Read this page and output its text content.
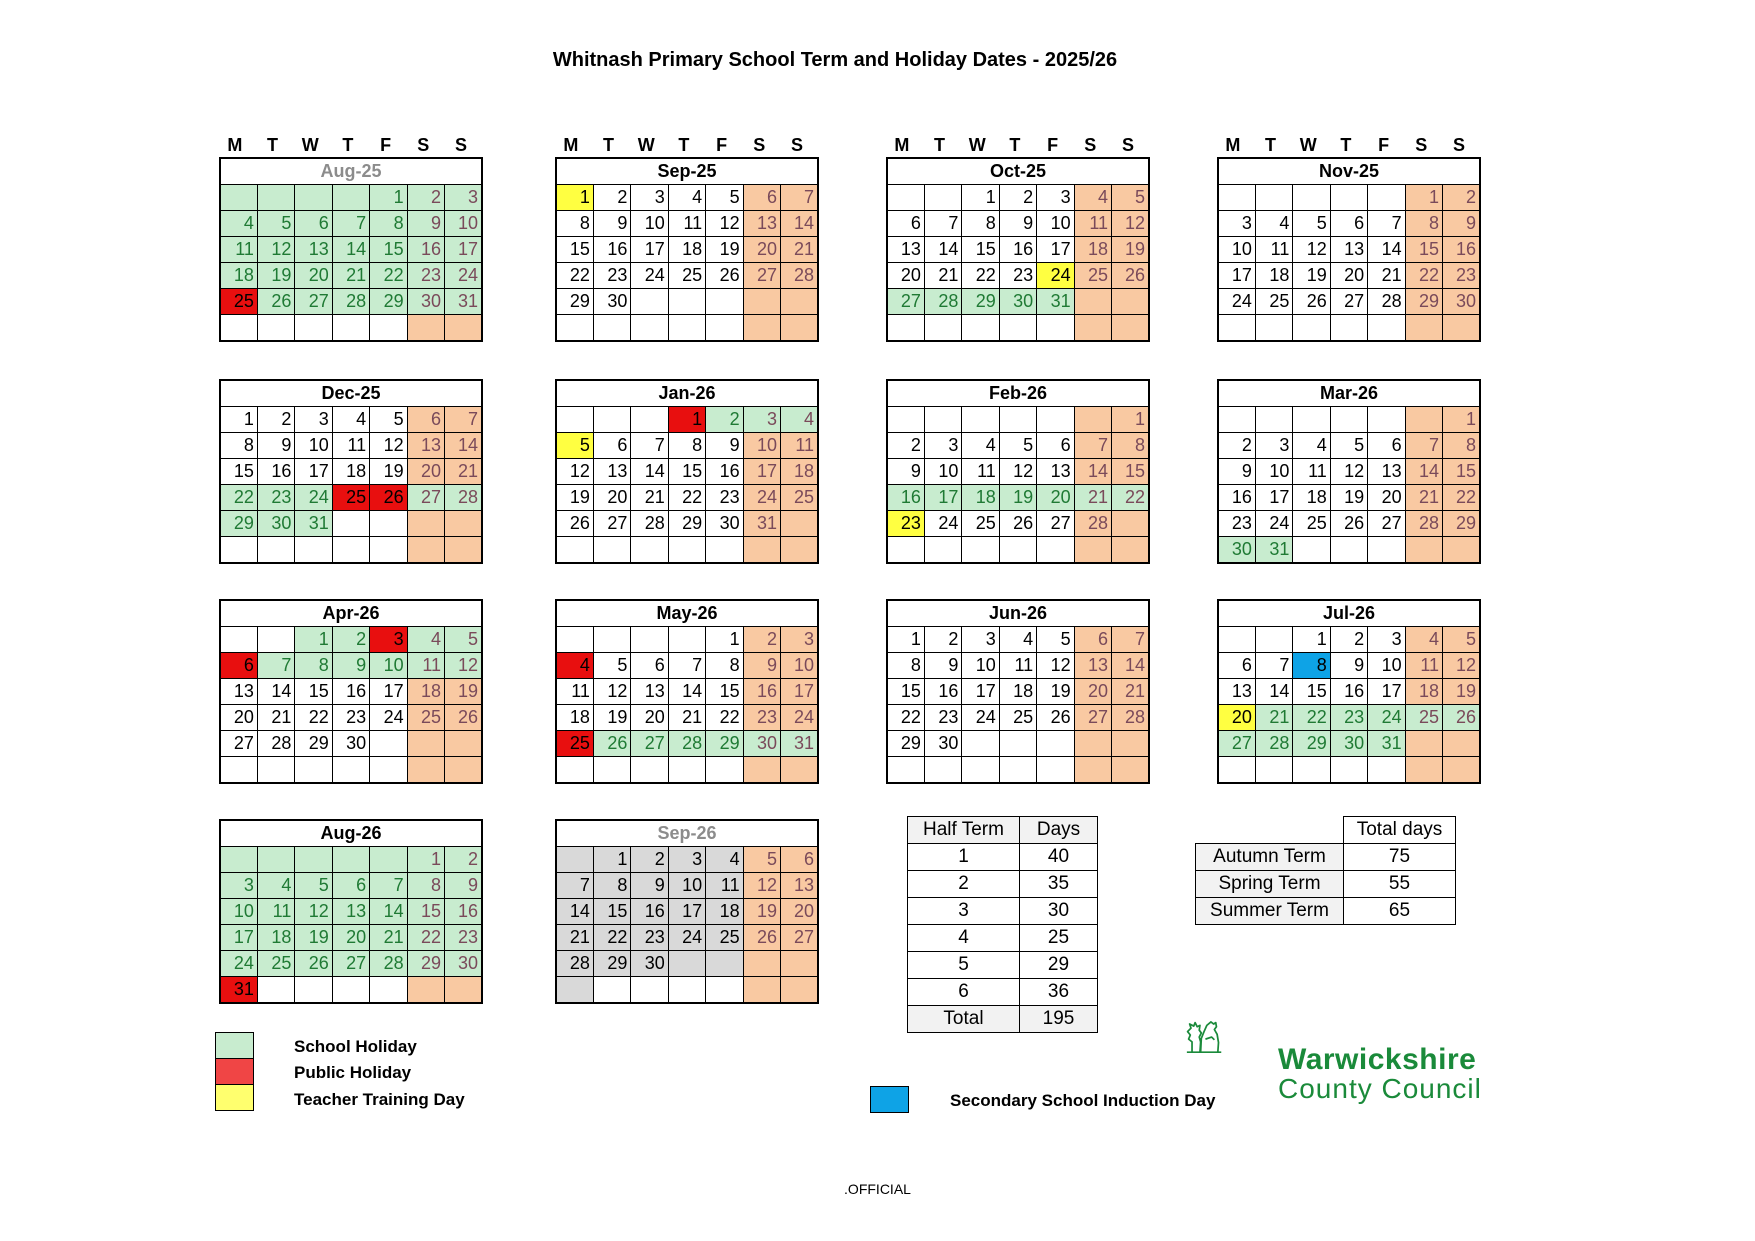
Whitnash Primary School Term and Holiday Dates - 2025/26
M	T	W	T	F	S	S
Aug-25						
				1	2	3
4	5	6	7	8	9	10
11	12	13	14	15	16	17
18	19	20	21	22	23	24
25	26	27	28	29	30	31

M	T	W	T	F	S	S
Sep-25						
1	2	3	4	5	6	7
8	9	10	11	12	13	14
15	16	17	18	19	20	21
22	23	24	25	26	27	28
29	30					

M	T	W	T	F	S	S
Oct-25						
		1	2	3	4	5
6	7	8	9	10	11	12
13	14	15	16	17	18	19
20	21	22	23	24	25	26
27	28	29	30	31		

M	T	W	T	F	S	S
Nov-25						
					1	2
3	4	5	6	7	8	9
10	11	12	13	14	15	16
17	18	19	20	21	22	23
24	25	26	27	28	29	30

Dec-25						
1	2	3	4	5	6	7
8	9	10	11	12	13	14
15	16	17	18	19	20	21
22	23	24	25	26	27	28
29	30	31				

Jan-26						
			1	2	3	4
5	6	7	8	9	10	11
12	13	14	15	16	17	18
19	20	21	22	23	24	25
26	27	28	29	30	31	

Feb-26						
						1
2	3	4	5	6	7	8
9	10	11	12	13	14	15
16	17	18	19	20	21	22
23	24	25	26	27	28	

Mar-26						
						1
2	3	4	5	6	7	8
9	10	11	12	13	14	15
16	17	18	19	20	21	22
23	24	25	26	27	28	29
30	31					
Apr-26						
		1	2	3	4	5
6	7	8	9	10	11	12
13	14	15	16	17	18	19
20	21	22	23	24	25	26
27	28	29	30			

May-26						
				1	2	3
4	5	6	7	8	9	10
11	12	13	14	15	16	17
18	19	20	21	22	23	24
25	26	27	28	29	30	31

Jun-26						
1	2	3	4	5	6	7
8	9	10	11	12	13	14
15	16	17	18	19	20	21
22	23	24	25	26	27	28
29	30					

Jul-26						
		1	2	3	4	5
6	7	8	9	10	11	12
13	14	15	16	17	18	19
20	21	22	23	24	25	26
27	28	29	30	31		

Aug-26						
					1	2
3	4	5	6	7	8	9
10	11	12	13	14	15	16
17	18	19	20	21	22	23
24	25	26	27	28	29	30
31						
Sep-26						
	1	2	3	4	5	6
7	8	9	10	11	12	13
14	15	16	17	18	19	20
21	22	23	24	25	26	27
28	29	30				

Half Term	Days
1	40
2	35
3	30
4	25
5	29
6	36
Total	195
	Total days
Autumn Term	75
Spring Term	55
Summer Term	65
School Holiday
Public Holiday
Teacher Training Day	Secondary School Induction Day
Warwickshire
County Council
.OFFICIAL
